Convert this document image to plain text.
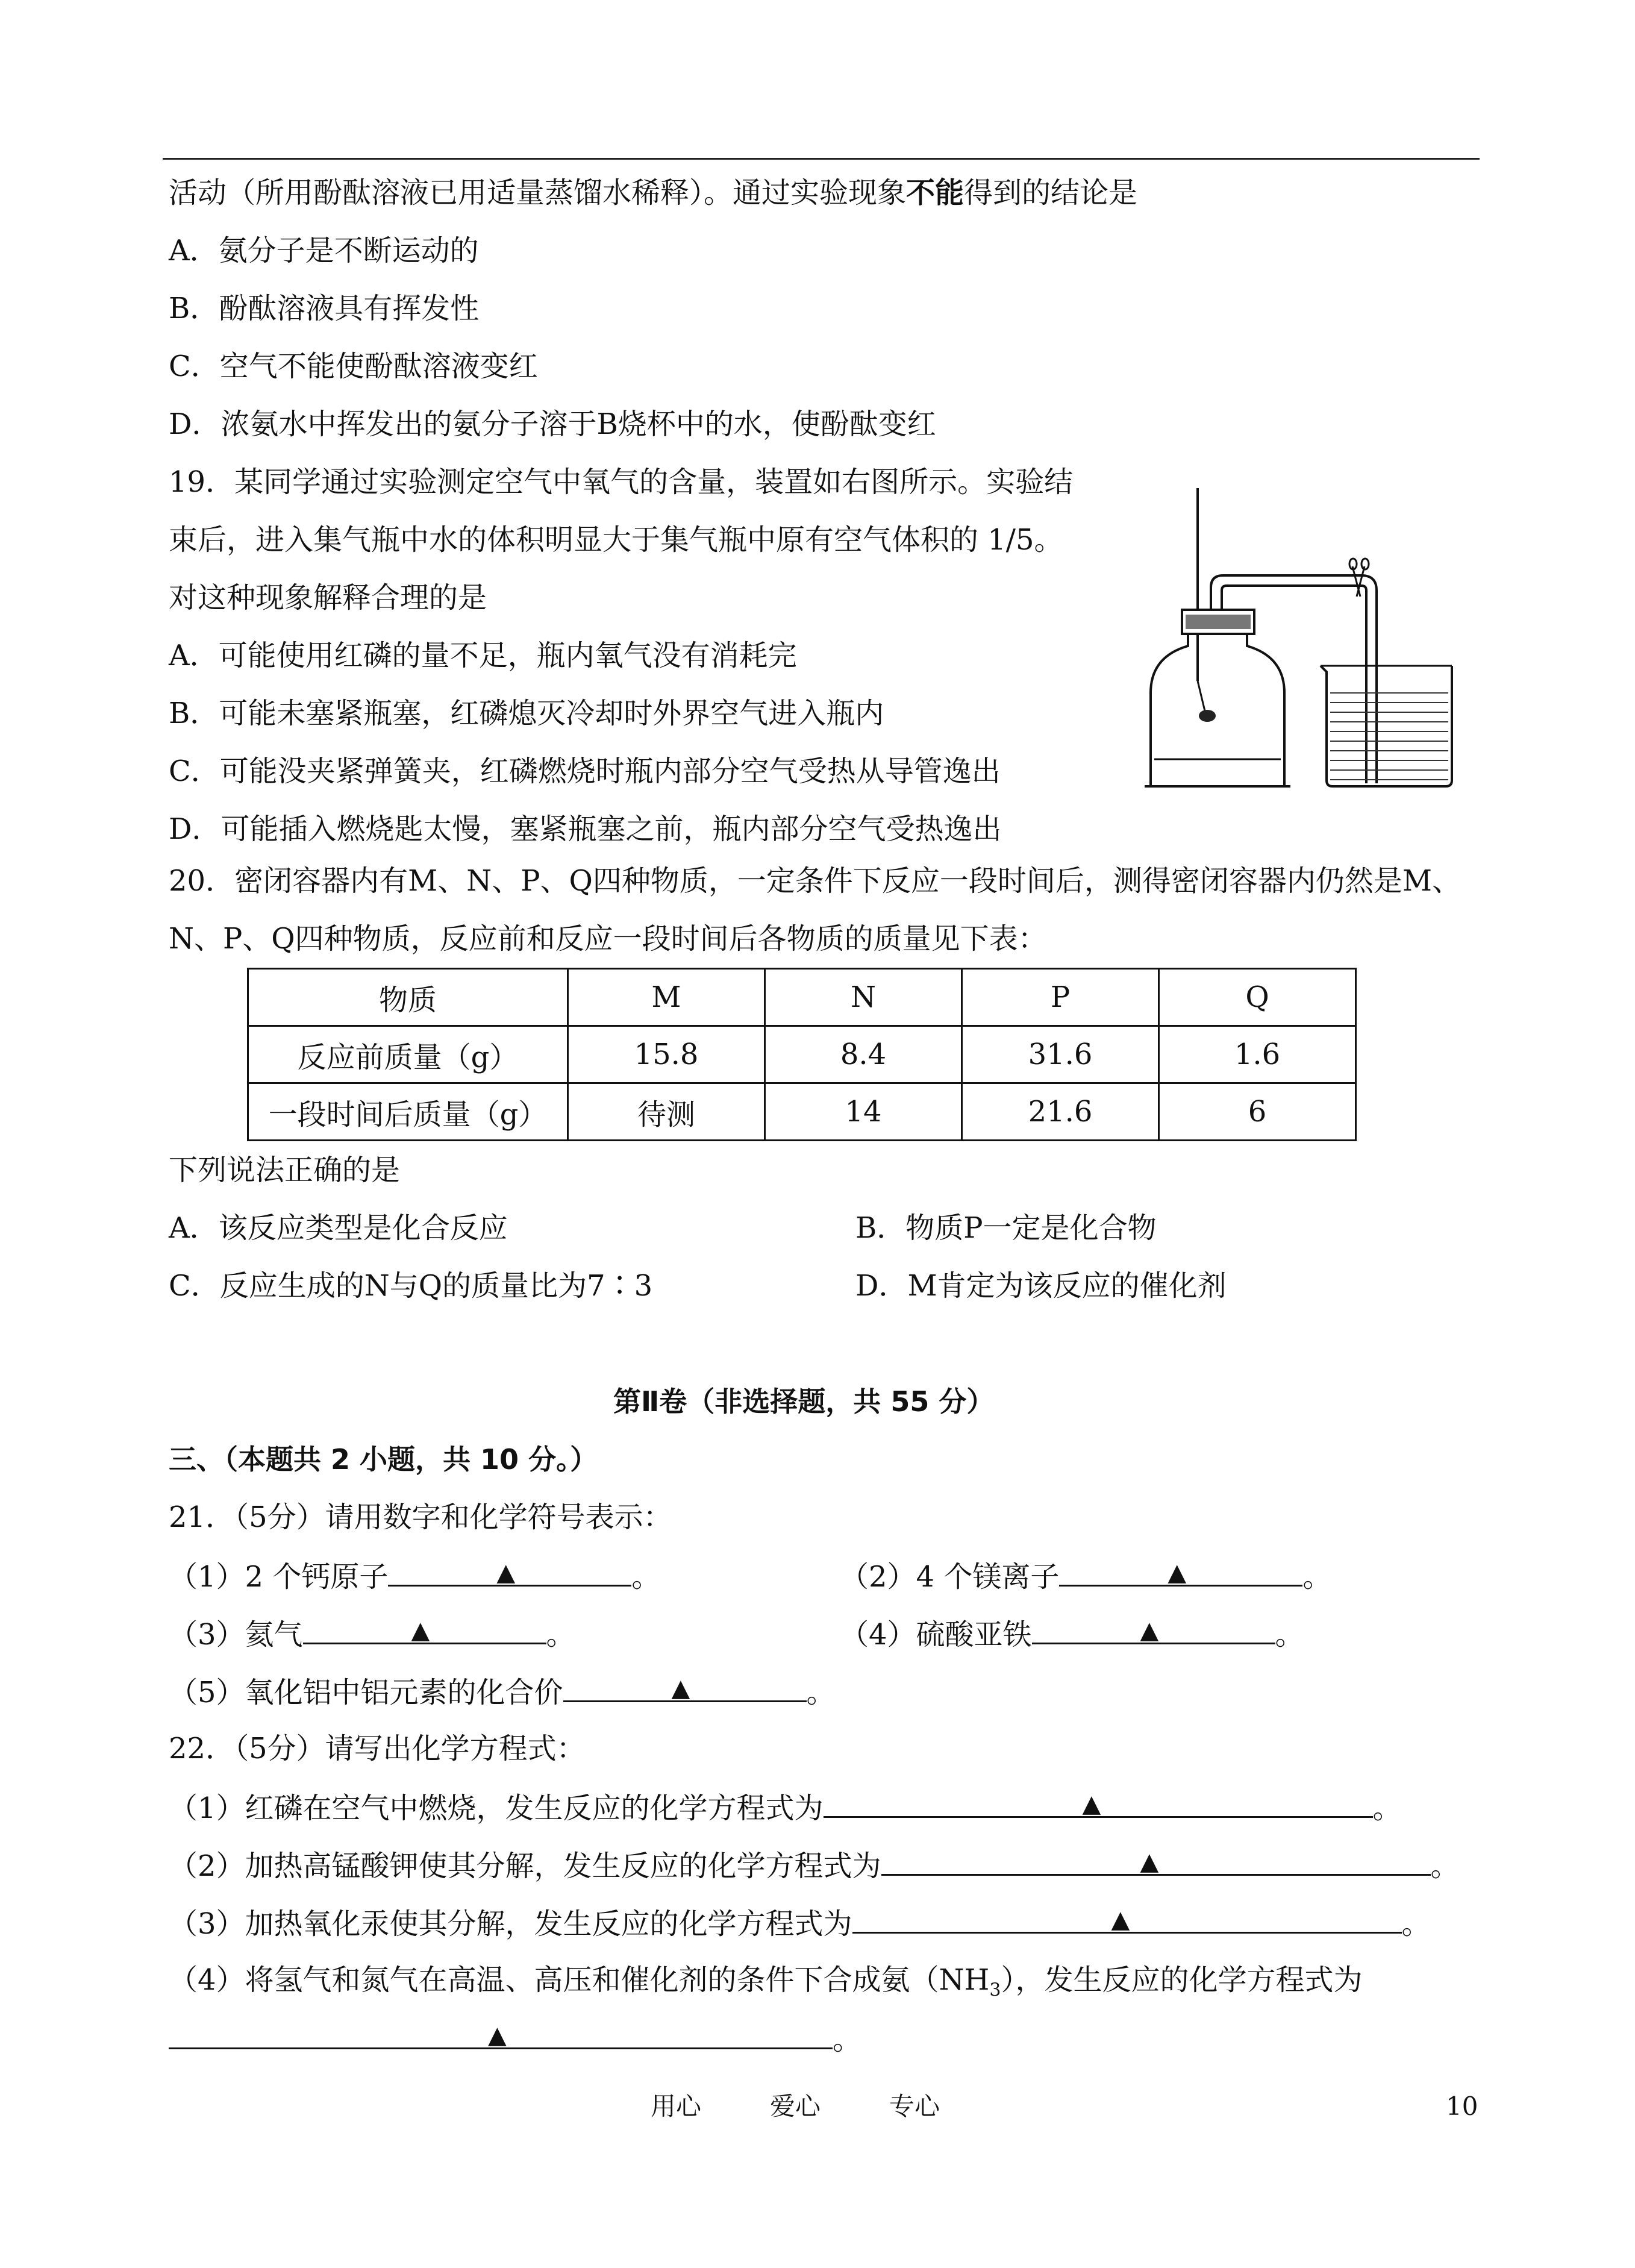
活动（所用酚酞溶液已用适量蒸馏水稀释）。通过实验现象不能得到的结论是
A．氨分子是不断运动的
B．酚酞溶液具有挥发性
C．空气不能使酚酞溶液变红
D．浓氨水中挥发出的氨分子溶于B烧杯中的水，使酚酞变红
19．某同学通过实验测定空气中氧气的含量，装置如右图所示。实验结
束后，进入集气瓶中水的体积明显大于集气瓶中原有空气体积的 1/5。
对这种现象解释合理的是
A．可能使用红磷的量不足，瓶内氧气没有消耗完
B．可能未塞紧瓶塞，红磷熄灭冷却时外界空气进入瓶内
C．可能没夹紧弹簧夹，红磷燃烧时瓶内部分空气受热从导管逸出
D．可能插入燃烧匙太慢，塞紧瓶塞之前，瓶内部分空气受热逸出
20．密闭容器内有M、N、P、Q四种物质，一定条件下反应一段时间后，测得密闭容器内仍然是M、
N、P、Q四种物质，反应前和反应一段时间后各物质的质量见下表：
物质	M	N	P	Q
反应前质量（g）	15.8	8.4	31.6	1.6
一段时间后质量（g）	待测	14	21.6	6
下列说法正确的是
A．该反应类型是化合反应	B．物质P一定是化合物
C．反应生成的N与Q的质量比为7∶3	D．M肯定为该反应的催化剂
第Ⅱ卷（非选择题，共 55 分）
三、（本题共 2 小题，共 10 分。）
21．（5分）请用数字和化学符号表示：
（1）2 个钙原子	▲	。	（2）4 个镁离子	▲	。
（3）氦气	▲	。	（4）硫酸亚铁	▲	。
（5）氧化铝中铝元素的化合价	▲	。
22．（5分）请写出化学方程式：
（1）红磷在空气中燃烧，发生反应的化学方程式为	▲	。
（2）加热高锰酸钾使其分解，发生反应的化学方程式为	▲	。
（3）加热氧化汞使其分解，发生反应的化学方程式为	▲	。
（4）将氢气和氮气在高温、高压和催化剂的条件下合成氨$(NH_3)$，发生反应的化学方程式为
▲	。
用心	爱心	专心	10
